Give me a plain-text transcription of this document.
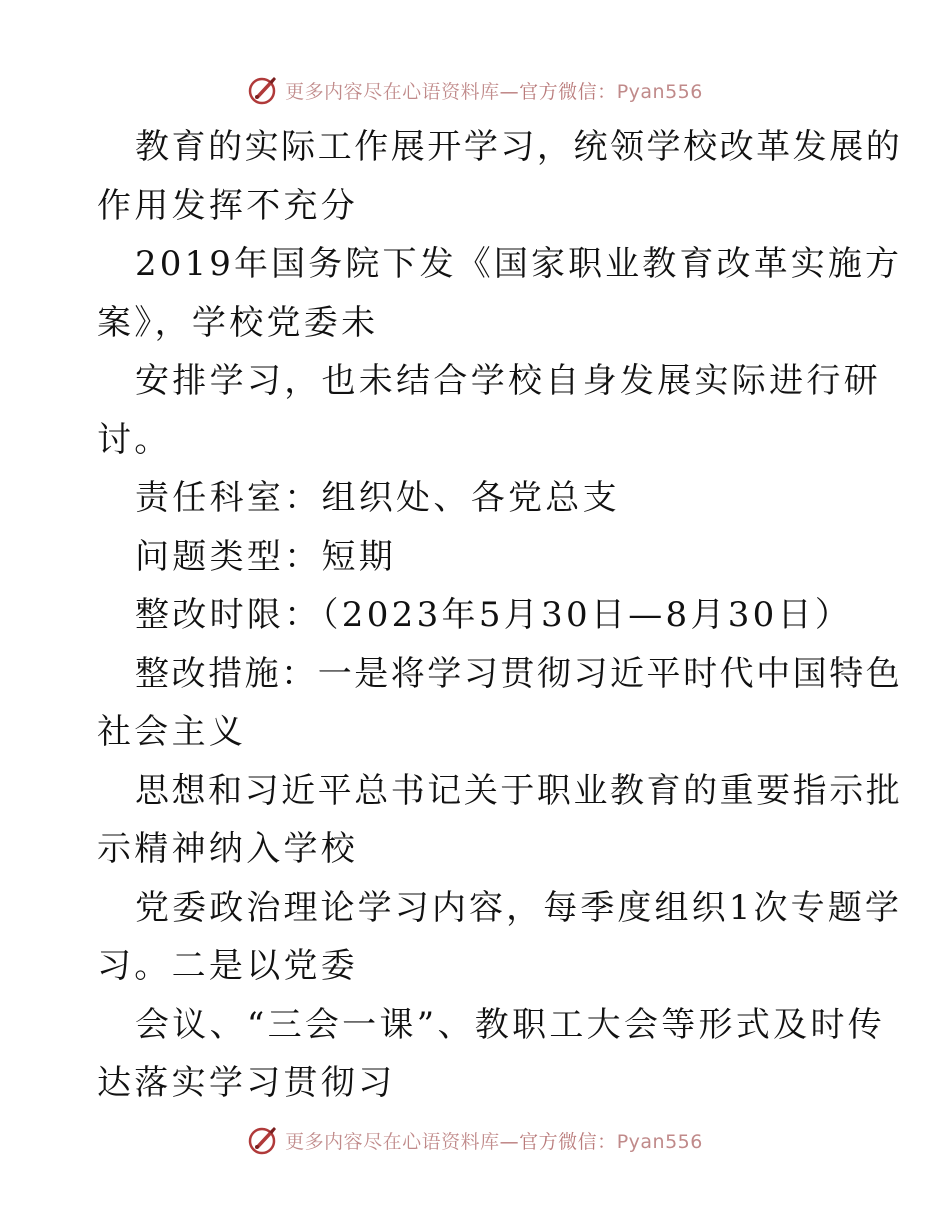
更多内容尽在心语资料库—官方微信：Pyan556
教育的实际工作展开学习，统领学校改革发展的
作用发挥不充分
2019年国务院下发《国家职业教育改革实施方
案》，学校党委未
安排学习，也未结合学校自身发展实际进行研
讨。
责任科室：组织处、各党总支
问题类型：短期
整改时限：（2023年5月30日—8月30日）
整改措施：一是将学习贯彻习近平时代中国特色
社会主义
思想和习近平总书记关于职业教育的重要指示批
示精神纳入学校
党委政治理论学习内容，每季度组织1次专题学
习。二是以党委
会议、“三会一课”、教职工大会等形式及时传
达落实学习贯彻习
更多内容尽在心语资料库—官方微信：Pyan556
